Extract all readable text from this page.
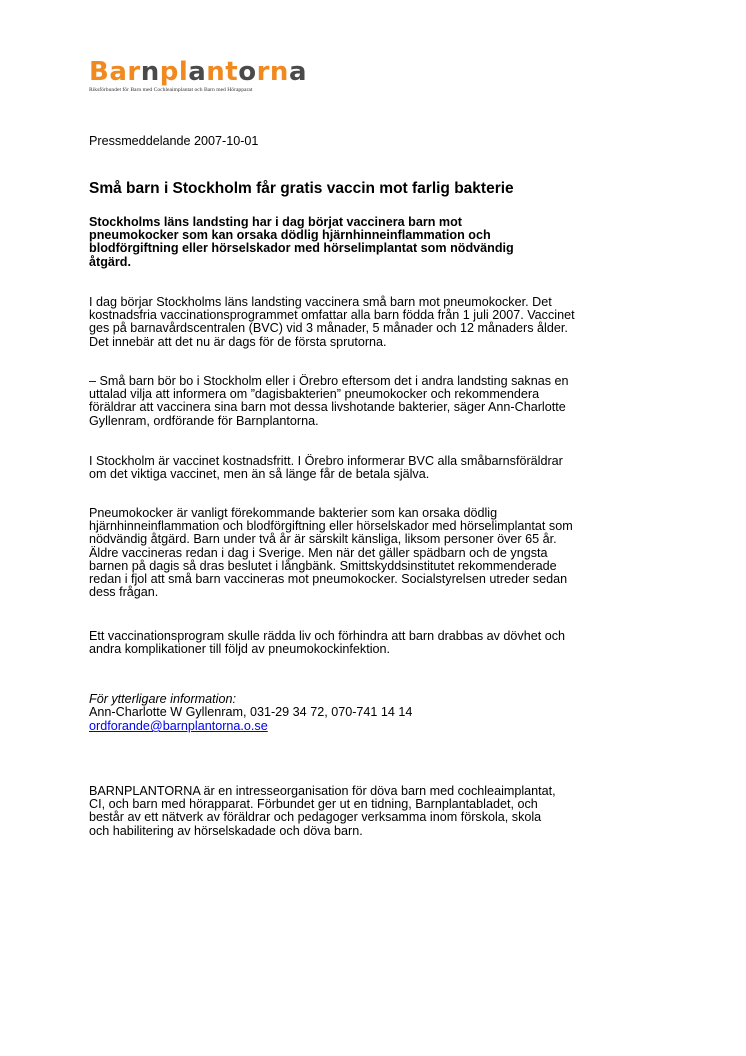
Barnplantorna
Riksförbundet för Barn med Cochleaimplantat och Barn med Hörapparat

Pressmeddelande 2007-10-01

Små barn i Stockholm får gratis vaccin mot farlig bakterie

Stockholms läns landsting har i dag börjat vaccinera barn mot pneumokocker som kan orsaka dödlig hjärnhinneinflammation och blodförgiftning eller hörselskador med hörselimplantat som nödvändig åtgärd.

I dag börjar Stockholms läns landsting vaccinera små barn mot pneumokocker. Det kostnadsfria vaccinationsprogrammet omfattar alla barn födda från 1 juli 2007. Vaccinet ges på barnavårdscentralen (BVC) vid 3 månader, 5 månader och 12 månaders ålder. Det innebär att det nu är dags för de första sprutorna.

– Små barn bör bo i Stockholm eller i Örebro eftersom det i andra landsting saknas en uttalad vilja att informera om ”dagisbakterien” pneumokocker och rekommendera föräldrar att vaccinera sina barn mot dessa livshotande bakterier, säger Ann-Charlotte Gyllenram, ordförande för Barnplantorna.

I Stockholm är vaccinet kostnadsfritt. I Örebro informerar BVC alla småbarnsföräldrar om det viktiga vaccinet, men än så länge får de betala själva.

Pneumokocker är vanligt förekommande bakterier som kan orsaka dödlig hjärnhinneinflammation och blodförgiftning eller hörselskador med hörselimplantat som nödvändig åtgärd. Barn under två år är särskilt känsliga, liksom personer över 65 år. Äldre vaccineras redan i dag i Sverige. Men när det gäller spädbarn och de yngsta barnen på dagis så dras beslutet i långbänk. Smittskyddsinstitutet rekommenderade redan i fjol att små barn vaccineras mot pneumokocker. Socialstyrelsen utreder sedan dess frågan.

Ett vaccinationsprogram skulle rädda liv och förhindra att barn drabbas av dövhet och andra komplikationer till följd av pneumokockinfektion.

För ytterligare information:

Ann-Charlotte W Gyllenram, 031-29 34 72, 070-741 14 14

ordforande@barnplantorna.o.se

BARNPLANTORNA är en intresseorganisation för döva barn med cochleaimplantat, CI, och barn med hörapparat. Förbundet ger ut en tidning, Barnplantabladet, och består av ett nätverk av föräldrar och pedagoger verksamma inom förskola, skola och habilitering av hörselskadade och döva barn.
